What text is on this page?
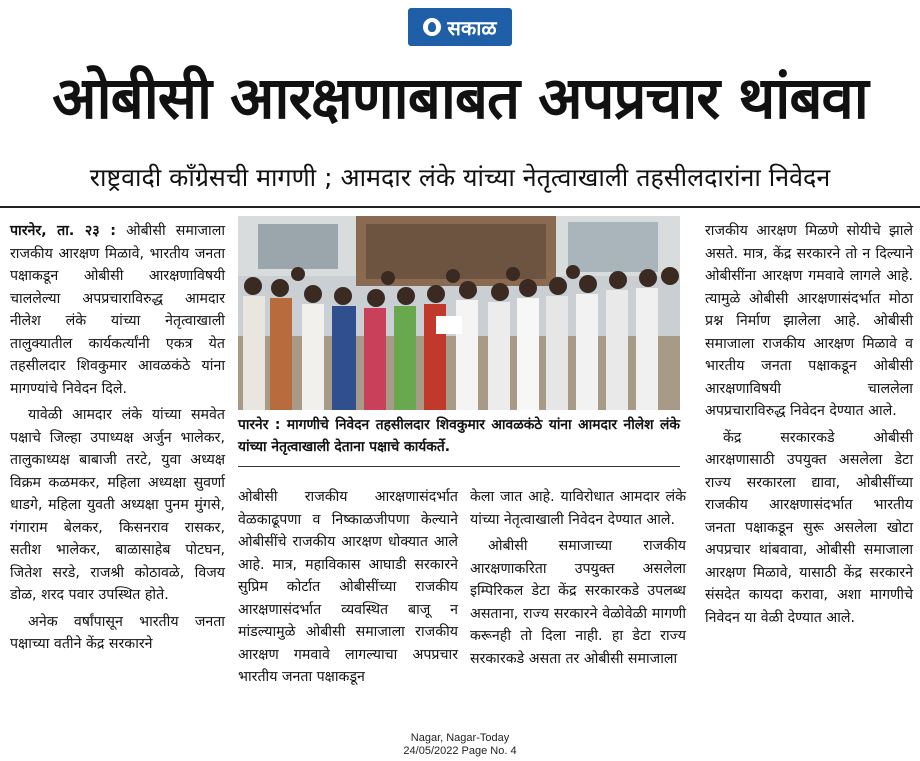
सकाळ
ओबीसी आरक्षणाबाबत अपप्रचार थांबवा
राष्ट्रवादी काँग्रेसची मागणी ; आमदार लंके यांच्या नेतृत्वाखाली तहसीलदारांना निवेदन

पारनेर, ता. २३ : ओबीसी समाजाला राजकीय आरक्षण मिळावे, भारतीय जनता पक्षाकडून ओबीसी आरक्षणाविषयी चाललेल्या अपप्रचाराविरुद्ध आमदार नीलेश लंके यांच्या नेतृत्वाखाली तालुक्यातील कार्यकर्त्यांनी एकत्र येत तहसीलदार शिवकुमार आवळकंठे यांना मागण्यांचे निवेदन दिले.

यावेळी आमदार लंके यांच्या समवेत पक्षाचे जिल्हा उपाध्यक्ष अर्जुन भालेकर, तालुकाध्यक्ष बाबाजी तरटे, युवा अध्यक्ष विक्रम कळमकर, महिला अध्यक्षा सुवर्णा धाडगे, महिला युवती अध्यक्षा पुनम मुंगसे, गंगाराम बेलकर, किसनराव रासकर, सतीश भालेकर, बाळासाहेब पोटघन, जितेश सरडे, राजश्री कोठावळे, विजय डोळ, शरद पवार उपस्थित होते.

अनेक वर्षांपासून भारतीय जनता पक्षाच्या वतीने केंद्र सरकारने

पारनेर : मागणीचे निवेदन तहसीलदार शिवकुमार आवळकंठे यांना आमदार नीलेश लंके यांच्या नेतृत्वाखाली देताना पक्षाचे कार्यकर्ते.

ओबीसी राजकीय आरक्षणासंदर्भात वेळकाढूपणा व निष्काळजीपणा केल्याने ओबीसींचे राजकीय आरक्षण धोक्यात आले आहे. मात्र, महाविकास आघाडी सरकारने सुप्रिम कोर्टात ओबीसींच्या राजकीय आरक्षणासंदर्भात व्यवस्थित बाजू न मांडल्यामुळे ओबीसी समाजाला राजकीय आरक्षण गमवावे लागल्याचा अपप्रचार भारतीय जनता पक्षाकडून

केला जात आहे. याविरोधात आमदार लंके यांच्या नेतृत्वाखाली निवेदन देण्यात आले.

ओबीसी समाजाच्या राजकीय आरक्षणाकरिता उपयुक्त असलेला इम्पिरिकल डेटा केंद्र सरकारकडे उपलब्ध असताना, राज्य सरकारने वेळोवेळी मागणी करूनही तो दिला नाही. हा डेटा राज्य सरकारकडे असता तर ओबीसी समाजाला

राजकीय आरक्षण मिळणे सोयीचे झाले असते. मात्र, केंद्र सरकारने तो न दिल्याने ओबीसींना आरक्षण गमवावे लागले आहे. त्यामुळे ओबीसी आरक्षणासंदर्भात मोठा प्रश्न निर्माण झालेला आहे. ओबीसी समाजाला राजकीय आरक्षण मिळावे व भारतीय जनता पक्षाकडून ओबीसी आरक्षणाविषयी चाललेला अपप्रचाराविरुद्ध निवेदन देण्यात आले.

केंद्र सरकारकडे ओबीसी आरक्षणासाठी उपयुक्त असलेला डेटा राज्य सरकारला द्यावा, ओबीसींच्या राजकीय आरक्षणासंदर्भात भारतीय जनता पक्षाकडून सुरू असलेला खोटा अपप्रचार थांबवावा, ओबीसी समाजाला आरक्षण मिळावे, यासाठी केंद्र सरकारने संसदेत कायदा करावा, अशा मागणीचे निवेदन या वेळी देण्यात आले.

Nagar, Nagar-Today
24/05/2022 Page No. 4
